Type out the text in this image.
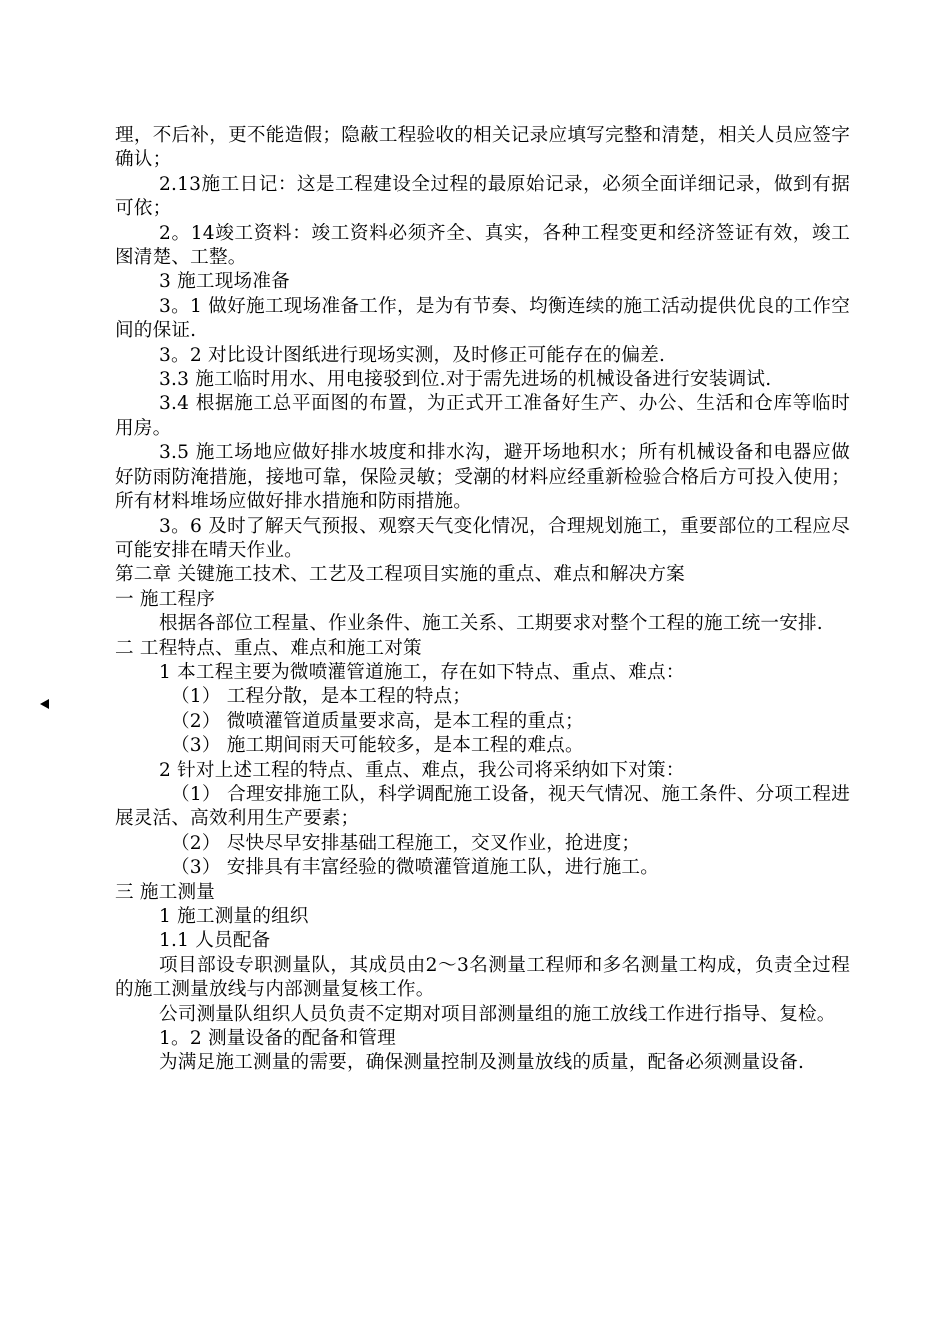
理，不后补，更不能造假；隐蔽工程验收的相关记录应填写完整和清楚，相关人员应签字确认；

2.13施工日记：这是工程建设全过程的最原始记录，必须全面详细记录，做到有据可依；

2。14竣工资料：竣工资料必须齐全、真实，各种工程变更和经济签证有效，竣工图清楚、工整。

3 施工现场准备

3。1 做好施工现场准备工作，是为有节奏、均衡连续的施工活动提供优良的工作空间的保证.

3。2 对比设计图纸进行现场实测，及时修正可能存在的偏差.

3.3 施工临时用水、用电接驳到位.对于需先进场的机械设备进行安装调试.

3.4 根据施工总平面图的布置，为正式开工准备好生产、办公、生活和仓库等临时用房。

3.5 施工场地应做好排水坡度和排水沟，避开场地积水；所有机械设备和电器应做好防雨防淹措施，接地可靠，保险灵敏；受潮的材料应经重新检验合格后方可投入使用；所有材料堆场应做好排水措施和防雨措施。

3。6 及时了解天气预报、观察天气变化情况，合理规划施工，重要部位的工程应尽可能安排在晴天作业。

第二章 关键施工技术、工艺及工程项目实施的重点、难点和解决方案

一 施工程序

根据各部位工程量、作业条件、施工关系、工期要求对整个工程的施工统一安排.

二 工程特点、重点、难点和施工对策

1 本工程主要为微喷灌管道施工，存在如下特点、重点、难点：

（1） 工程分散，是本工程的特点；

（2） 微喷灌管道质量要求高，是本工程的重点；

（3） 施工期间雨天可能较多，是本工程的难点。

2 针对上述工程的特点、重点、难点，我公司将采纳如下对策：

（1） 合理安排施工队，科学调配施工设备，视天气情况、施工条件、分项工程进展灵活、高效利用生产要素；

（2） 尽快尽早安排基础工程施工，交叉作业，抢进度；

（3） 安排具有丰富经验的微喷灌管道施工队，进行施工。

三 施工测量

1 施工测量的组织

1.1 人员配备

项目部设专职测量队，其成员由2～3名测量工程师和多名测量工构成，负责全过程的施工测量放线与内部测量复核工作。

公司测量队组织人员负责不定期对项目部测量组的施工放线工作进行指导、复检。

1。2 测量设备的配备和管理

为满足施工测量的需要，确保测量控制及测量放线的质量，配备必须测量设备.
